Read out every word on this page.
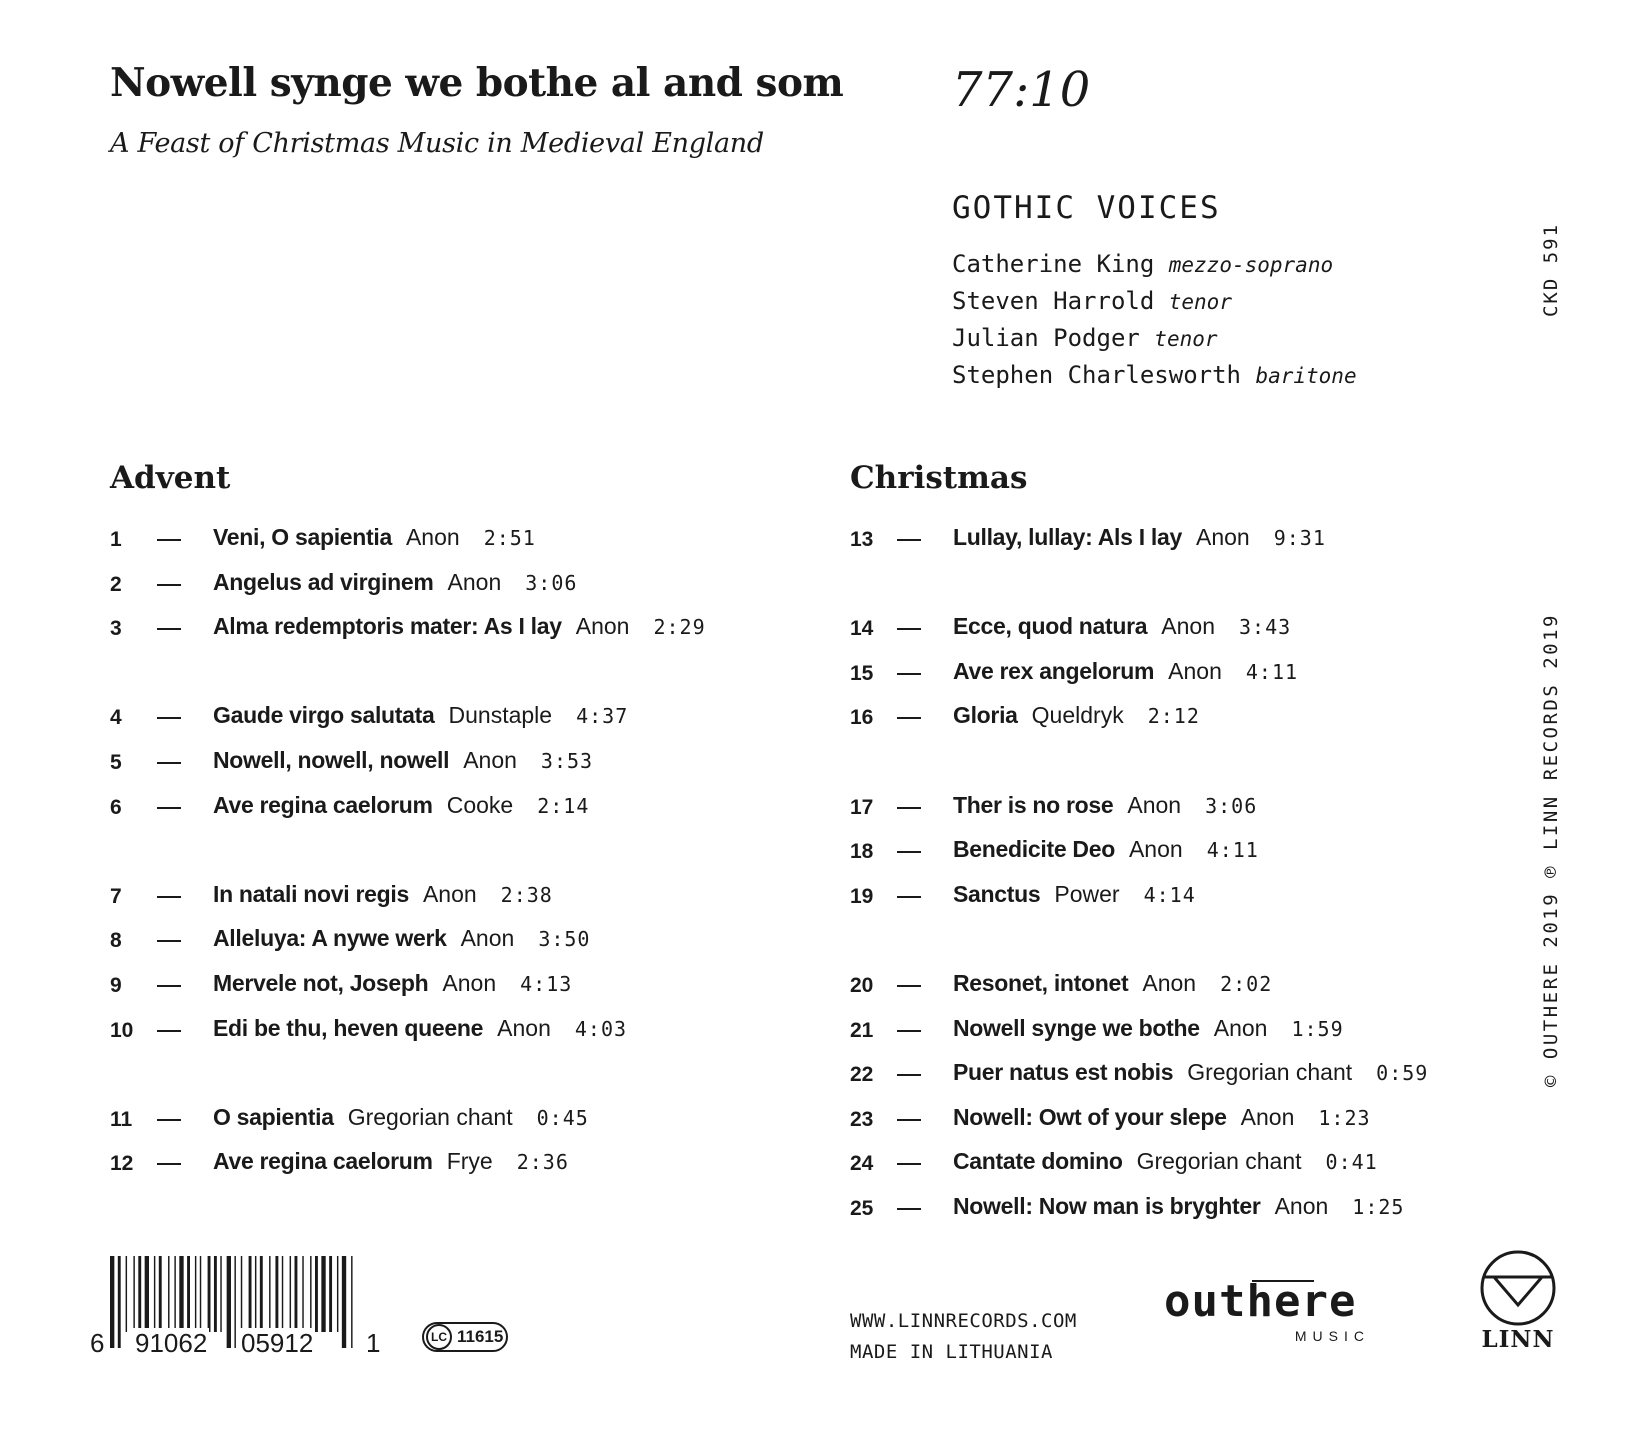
Nowell synge we bothe al and som
A Feast of Christmas Music in Medieval England
77:10
GOTHIC VOICES
Catherine King mezzo-soprano
Steven Harrold tenor
Julian Podger tenor
Stephen Charlesworth baritone
CKD 591
© OUTHERE 2019 ℗ LINN RECORDS 2019
Advent	Christmas
1	Veni, O sapientia Anon 2:51
2	Angelus ad virginem Anon 3:06
3	Alma redemptoris mater: As I lay Anon 2:29
4	Gaude virgo salutata Dunstaple 4:37
5	Nowell, nowell, nowell Anon 3:53
6	Ave regina caelorum Cooke 2:14
7	In natali novi regis Anon 2:38
8	Alleluya: A nywe werk Anon 3:50
9	Mervele not, Joseph Anon 4:13
10	Edi be thu, heven queene Anon 4:03
11	O sapientia Gregorian chant 0:45
12	Ave regina caelorum Frye 2:36
13	Lullay, lullay: Als I lay Anon 9:31
14	Ecce, quod natura Anon 3:43
15	Ave rex angelorum Anon 4:11
16	Gloria Queldryk 2:12
17	Ther is no rose Anon 3:06
18	Benedicite Deo Anon 4:11
19	Sanctus Power 4:14
20	Resonet, intonet Anon 2:02
21	Nowell synge we bothe Anon 1:59
22	Puer natus est nobis Gregorian chant 0:59
23	Nowell: Owt of your slepe Anon 1:23
24	Cantate domino Gregorian chant 0:41
25	Nowell: Now man is bryghter Anon 1:25
6 91062 05912 1	LC 11615
WWW.LINNRECORDS.COM
MADE IN LITHUANIA
outhere
MUSIC	LINN
